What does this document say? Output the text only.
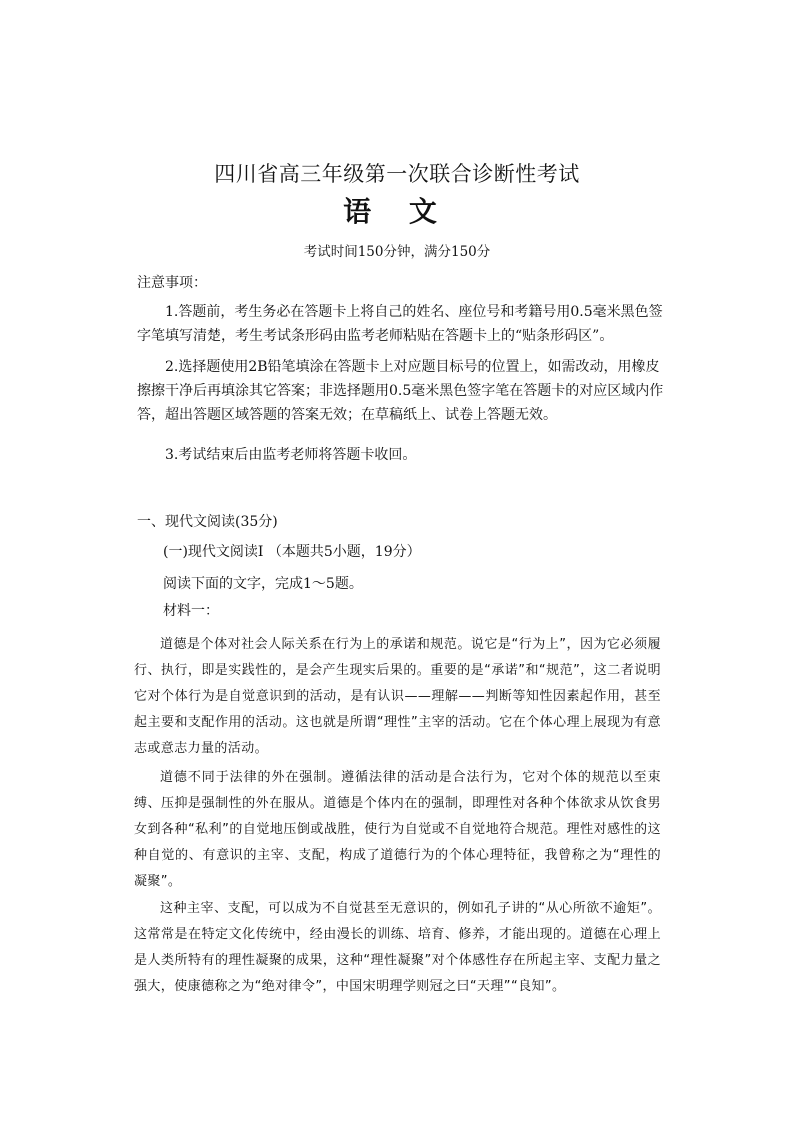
四川省高三年级第一次联合诊断性考试
语 文
考试时间150分钟，满分150分
注意事项：
1.答题前，考生务必在答题卡上将自己的姓名、座位号和考籍号用0.5毫米黑色签字笔填写清楚，考生考试条形码由监考老师粘贴在答题卡上的“贴条形码区”。
2.选择题使用2B铅笔填涂在答题卡上对应题目标号的位置上，如需改动，用橡皮擦擦干净后再填涂其它答案；非选择题用0.5毫米黑色签字笔在答题卡的对应区域内作答，超出答题区域答题的答案无效；在草稿纸上、试卷上答题无效。
3.考试结束后由监考老师将答题卡收回。
一、现代文阅读(35分)
(一)现代文阅读I （本题共5小题，19分）
阅读下面的文字，完成1～5题。
材料一：
道德是个体对社会人际关系在行为上的承诺和规范。说它是“行为上”，因为它必须履行、执行，即是实践性的，是会产生现实后果的。重要的是“承诺”和“规范”，这二者说明它对个体行为是自觉意识到的活动，是有认识——理解——判断等知性因素起作用，甚至起主要和支配作用的活动。这也就是所谓“理性”主宰的活动。它在个体心理上展现为有意志或意志力量的活动。
道德不同于法律的外在强制。遵循法律的活动是合法行为，它对个体的规范以至束缚、压抑是强制性的外在服从。道德是个体内在的强制，即理性对各种个体欲求从饮食男女到各种“私利”的自觉地压倒或战胜，使行为自觉或不自觉地符合规范。理性对感性的这种自觉的、有意识的主宰、支配，构成了道德行为的个体心理特征，我曾称之为“理性的凝聚”。
这种主宰、支配，可以成为不自觉甚至无意识的，例如孔子讲的“从心所欲不逾矩”。这常常是在特定文化传统中，经由漫长的训练、培育、修养，才能出现的。道德在心理上是人类所特有的理性凝聚的成果，这种“理性凝聚”对个体感性存在所起主宰、支配力量之强大，使康德称之为“绝对律令”，中国宋明理学则冠之曰“天理”“良知”。
